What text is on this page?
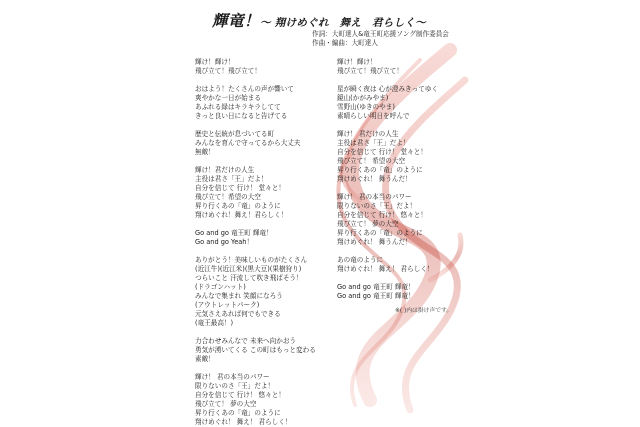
輝竜！～ 翔けめぐれ　舞え　君らしく～
作詞：大町達人&竜王町応援ソング制作委員会
作曲・編曲：大町達人
輝け！輝け！
飛び立て！飛び立て！
おはよう！たくさんの声が響いて
爽やかな一日が始まる
あふれる緑はキラキラしてて
きっと良い日になると告げてる
歴史と伝統が息づいてる町
みんなを育んで守ってるから大丈夫
無敵！
輝け！君だけの人生
主役は君さ「王」だよ！
自分を信じて 行け！ 堂々と！
飛び立て！希望の大空
昇り行くあの「竜」のように
翔けめぐれ！舞え！君らしく！
Go and go 竜王町 輝竜！
Go and go Yeah！
ありがとう！美味しいものがたくさん
(近江牛)(近江米)(黒大豆)(果樹狩り)
つらいこと 汗流して吹き飛ばそう！
(ドラゴンハット)
みんなで集まれ 笑顔になろう
(アウトレットパーク)
元気さえあれば何でもできる
(竜王最高！)
力合わせみんなで 未来へ向かおう
勇気が湧いてくる この町はもっと変わる
素敵！
輝け！ 君の本当のパワー
限りないのさ「王」だよ！
自分を信じて 行け！ 悠々と！
飛び立て！ 夢の大空
昇り行くあの「竜」のように
翔けめぐれ！ 舞え！ 君らしく！
輝け！輝け！
飛び立て！飛び立て！
星が瞬く夜は 心が澄みきってゆく
鏡山(かがみやま)
雪野山(ゆきのやま)
素晴らしい明日を呼んで
輝け！ 君だけの人生
主役は君さ「王」だよ！
自分を信じて 行け！ 堂々と！
飛び立て！ 希望の大空
昇り行くあの「竜」のように
翔けめぐれ！ 舞うんだ！
輝け！ 君の本当のパワー
限りないのさ「王」だよ！
自分を信じて 行け！ 悠々と！
飛び立て！ 夢の大空
昇り行くあの「竜」のように
翔けめぐれ！ 舞うんだ！
あの竜のように
翔けめぐれ！ 舞え！ 君らしく！
Go and go 竜王町 輝竜！
Go and go 竜王町 輝竜！
※( )内は掛け声です。
